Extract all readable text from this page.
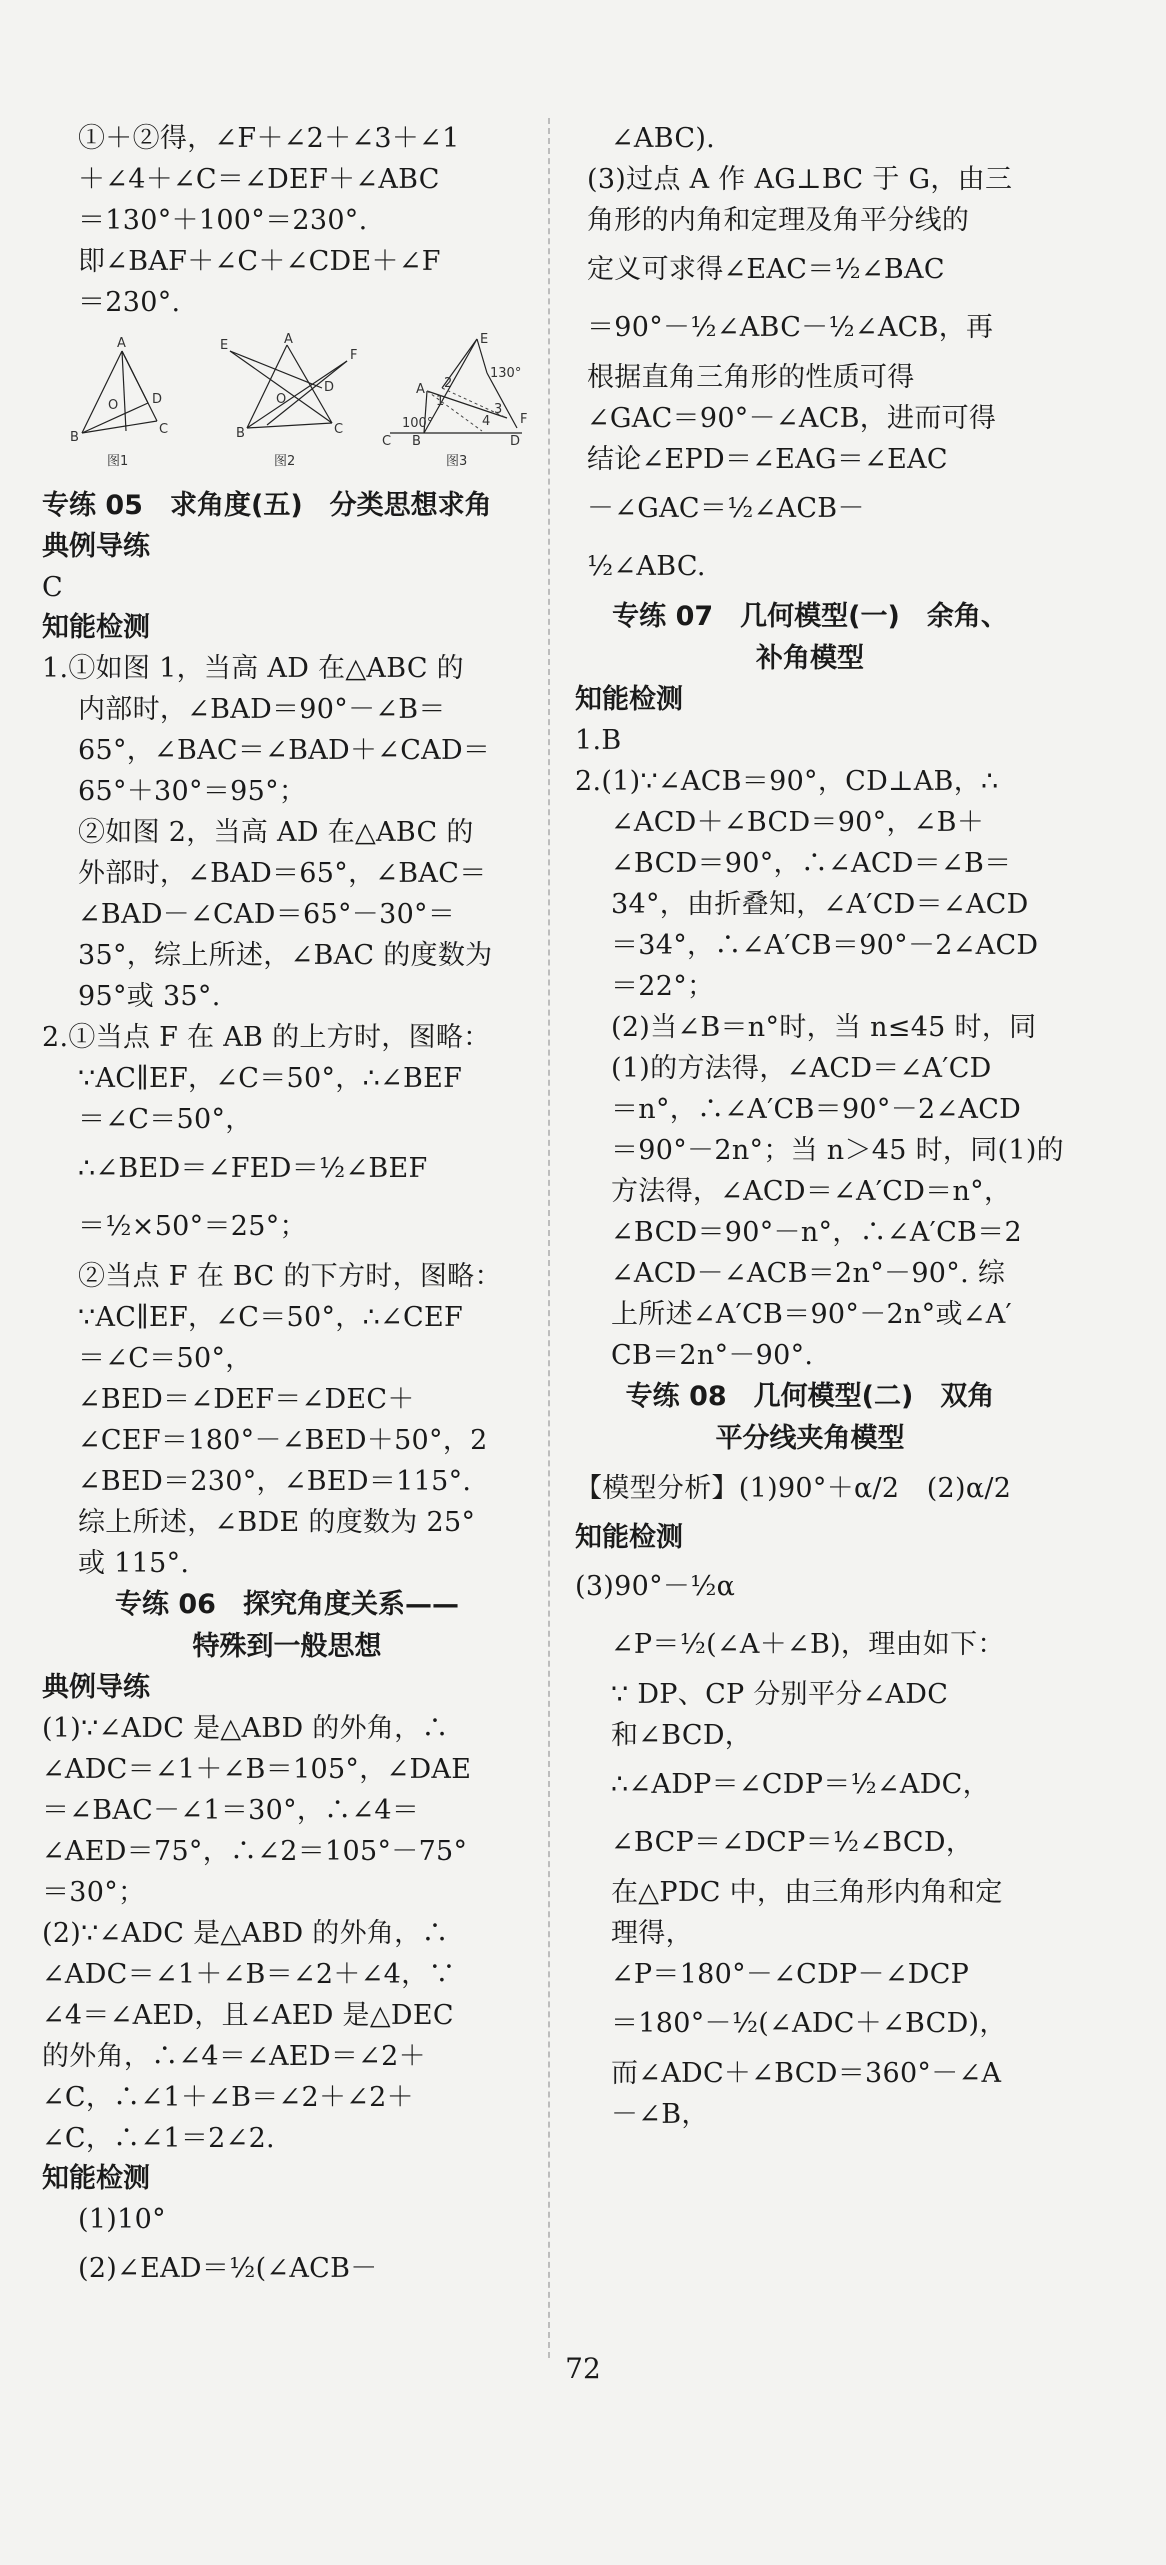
①＋②得，∠F＋∠2＋∠3＋∠1
＋∠4＋∠C＝∠DEF＋∠ABC
＝130°＋100°＝230°.
即∠BAF＋∠C＋∠CDE＋∠F
＝230°.
A
B
C
D
O
图1
E
F
A
B	C
D
O
图2
E
F
A
B
C	D
1
2
3
4
100°
130°
图3
专练 05　求角度(五)　分类思想求角
典例导练
C
知能检测
1.①如图 1，当高 AD 在△ABC 的
内部时，∠BAD＝90°－∠B＝
65°，∠BAC＝∠BAD＋∠CAD＝
65°＋30°＝95°；
②如图 2，当高 AD 在△ABC 的
外部时，∠BAD＝65°，∠BAC＝
∠BAD－∠CAD＝65°－30°＝
35°，综上所述，∠BAC 的度数为
95°或 35°.
2.①当点 F 在 AB 的上方时，图略：
∵AC∥EF，∠C＝50°，∴∠BEF
＝∠C＝50°，
∴∠BED＝∠FED＝½∠BEF
＝½×50°＝25°；
②当点 F 在 BC 的下方时，图略：
∵AC∥EF，∠C＝50°，∴∠CEF
＝∠C＝50°，
∠BED＝∠DEF＝∠DEC＋
∠CEF＝180°－∠BED＋50°，2
∠BED＝230°，∠BED＝115°.
综上所述，∠BDE 的度数为 25°
或 115°.
专练 06　探究角度关系——
特殊到一般思想
典例导练
(1)∵∠ADC 是△ABD 的外角，∴
∠ADC＝∠1＋∠B＝105°，∠DAE
＝∠BAC－∠1＝30°，∴∠4＝
∠AED＝75°，∴∠2＝105°－75°
＝30°；
(2)∵∠ADC 是△ABD 的外角，∴
∠ADC＝∠1＋∠B＝∠2＋∠4，∵
∠4＝∠AED，且∠AED 是△DEC
的外角，∴∠4＝∠AED＝∠2＋
∠C，∴∠1＋∠B＝∠2＋∠2＋
∠C，∴∠1＝2∠2.
知能检测
(1)10°
(2)∠EAD＝½(∠ACB－
∠ABC).
(3)过点 A 作 AG⊥BC 于 G，由三
角形的内角和定理及角平分线的
定义可求得∠EAC＝½∠BAC
＝90°－½∠ABC－½∠ACB，再
根据直角三角形的性质可得
∠GAC＝90°－∠ACB，进而可得
结论∠EPD＝∠EAG＝∠EAC
－∠GAC＝½∠ACB－
½∠ABC.
专练 07　几何模型(一)　余角、
补角模型
知能检测
1.B
2.(1)∵∠ACB＝90°，CD⊥AB，∴
∠ACD＋∠BCD＝90°，∠B＋
∠BCD＝90°，∴∠ACD＝∠B＝
34°，由折叠知，∠A′CD＝∠ACD
＝34°，∴∠A′CB＝90°－2∠ACD
＝22°；
(2)当∠B＝n°时，当 n≤45 时，同
(1)的方法得，∠ACD＝∠A′CD
＝n°，∴∠A′CB＝90°－2∠ACD
＝90°－2n°；当 n＞45 时，同(1)的
方法得，∠ACD＝∠A′CD＝n°，
∠BCD＝90°－n°，∴∠A′CB＝2
∠ACD－∠ACB＝2n°－90°. 综
上所述∠A′CB＝90°－2n°或∠A′
CB＝2n°－90°.
专练 08　几何模型(二)　双角
平分线夹角模型
【模型分析】(1)90°＋α/2　(2)α/2
知能检测
(3)90°－½α
∠P＝½(∠A＋∠B)，理由如下：
∵ DP、CP 分别平分∠ADC
和∠BCD，
∴∠ADP＝∠CDP＝½∠ADC，
∠BCP＝∠DCP＝½∠BCD，
在△PDC 中，由三角形内角和定
理得，
∠P＝180°－∠CDP－∠DCP
＝180°－½(∠ADC＋∠BCD)，
而∠ADC＋∠BCD＝360°－∠A
－∠B，
72
